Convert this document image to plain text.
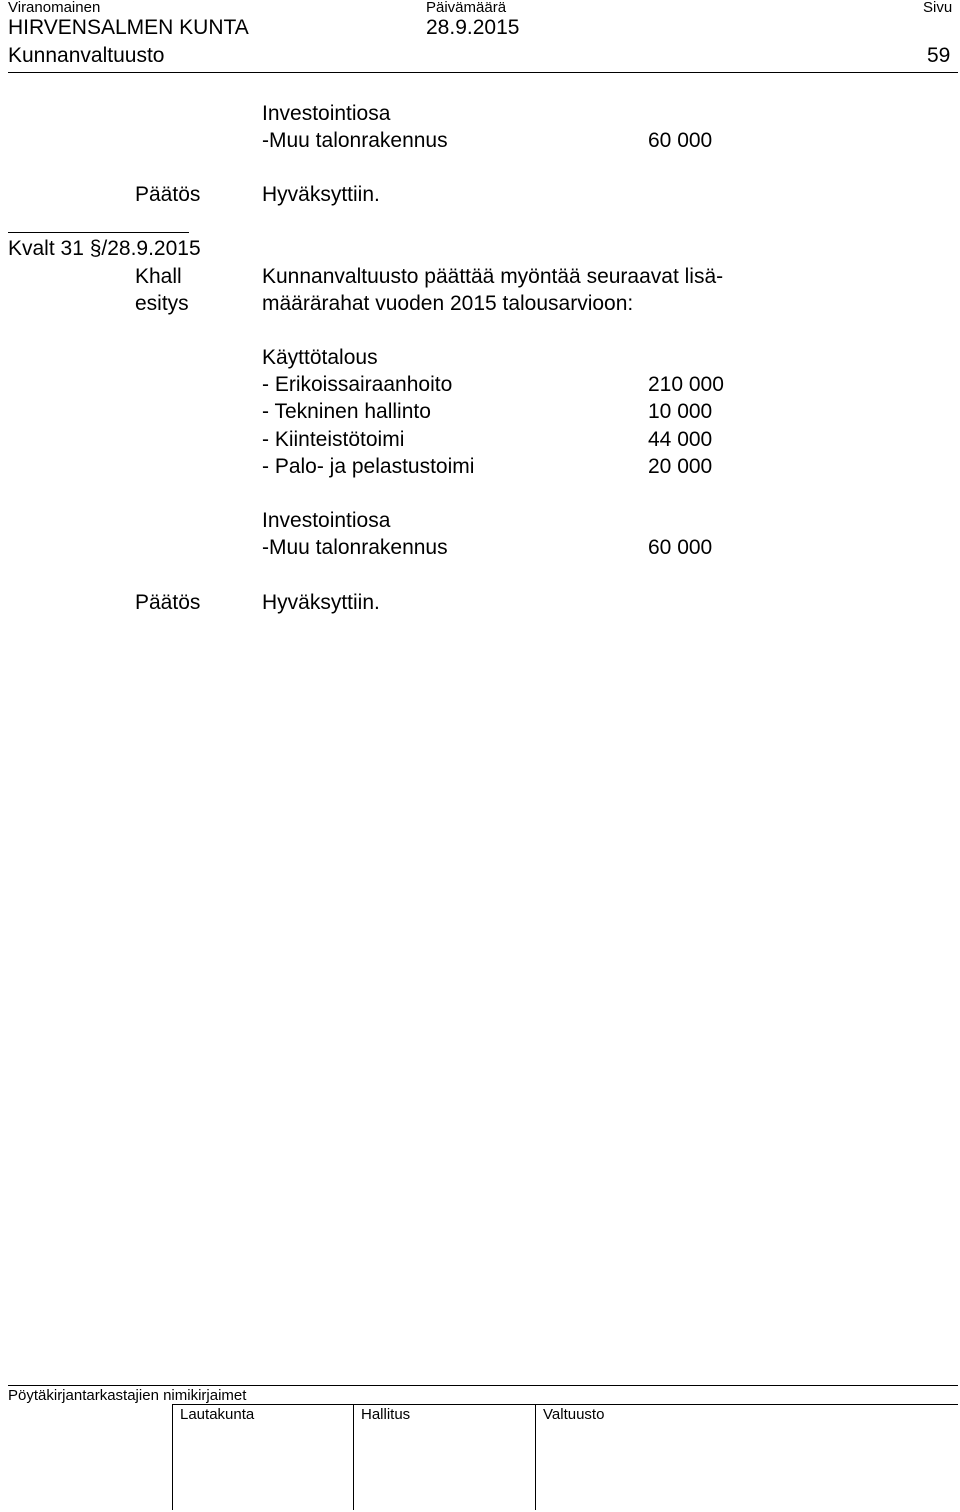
Viranomainen	Päivämäärä	Sivu
HIRVENSALMEN KUNTA	28.9.2015
Kunnanvaltuusto	59
Investointiosa
-Muu talonrakennus	60 000
Päätös	Hyväksyttiin.
Kvalt 31 §/28.9.2015
Khall
esitys
Kunnanvaltuusto päättää myöntää seuraavat lisä-
määrärahat vuoden 2015 talousarvioon:
Käyttötalous
- Erikoissairaanhoito	210 000
- Tekninen hallinto	10 000
- Kiinteistötoimi	44 000
- Palo- ja pelastustoimi	20 000
Investointiosa
-Muu talonrakennus	60 000
Päätös	Hyväksyttiin.
Pöytäkirjantarkastajien nimikirjaimet
Lautakunta	Hallitus	Valtuusto
